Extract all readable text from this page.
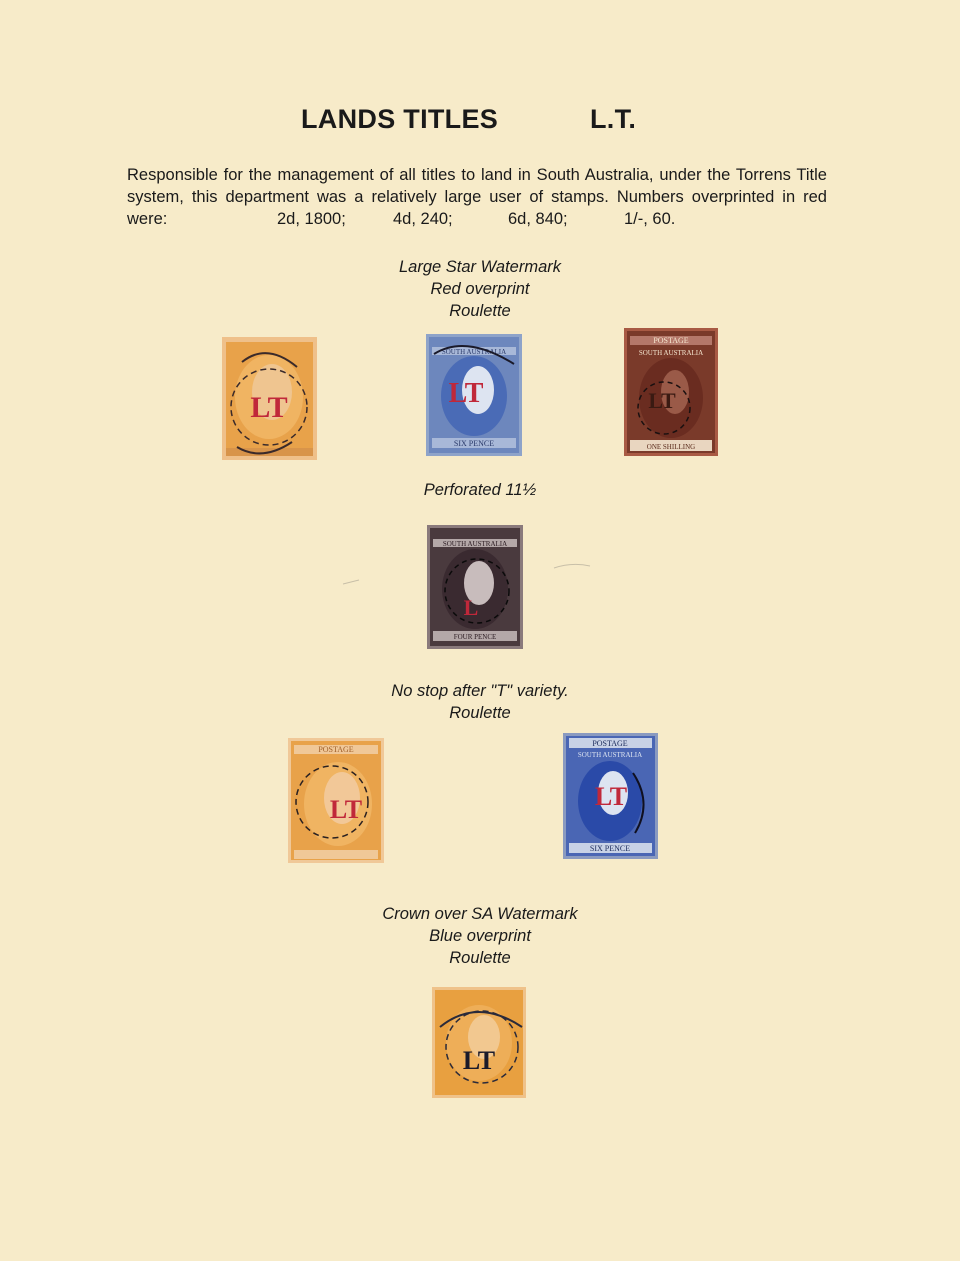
LANDS TITLES	L.T.

Responsible for the management of all titles to land in South Australia, under the Torrens Title system, this department was a relatively large user of stamps. Numbers overprinted in red were:	2d, 1800;	4d, 240;	6d, 840;	1/-, 60.
Large Star Watermark
Red overprint
Roulette
LT
SOUTH AUSTRALIA
SIX PENCE
LT
POSTAGE
SOUTH AUSTRALIA
ONE SHILLING
LT
Perforated 11½
SOUTH AUSTRALIA
FOUR PENCE
L
No stop after "T" variety.
Roulette
POSTAGE
LT
POSTAGE
SOUTH AUSTRALIA
SIX PENCE
LT
Crown over SA Watermark
Blue overprint
Roulette
LT
